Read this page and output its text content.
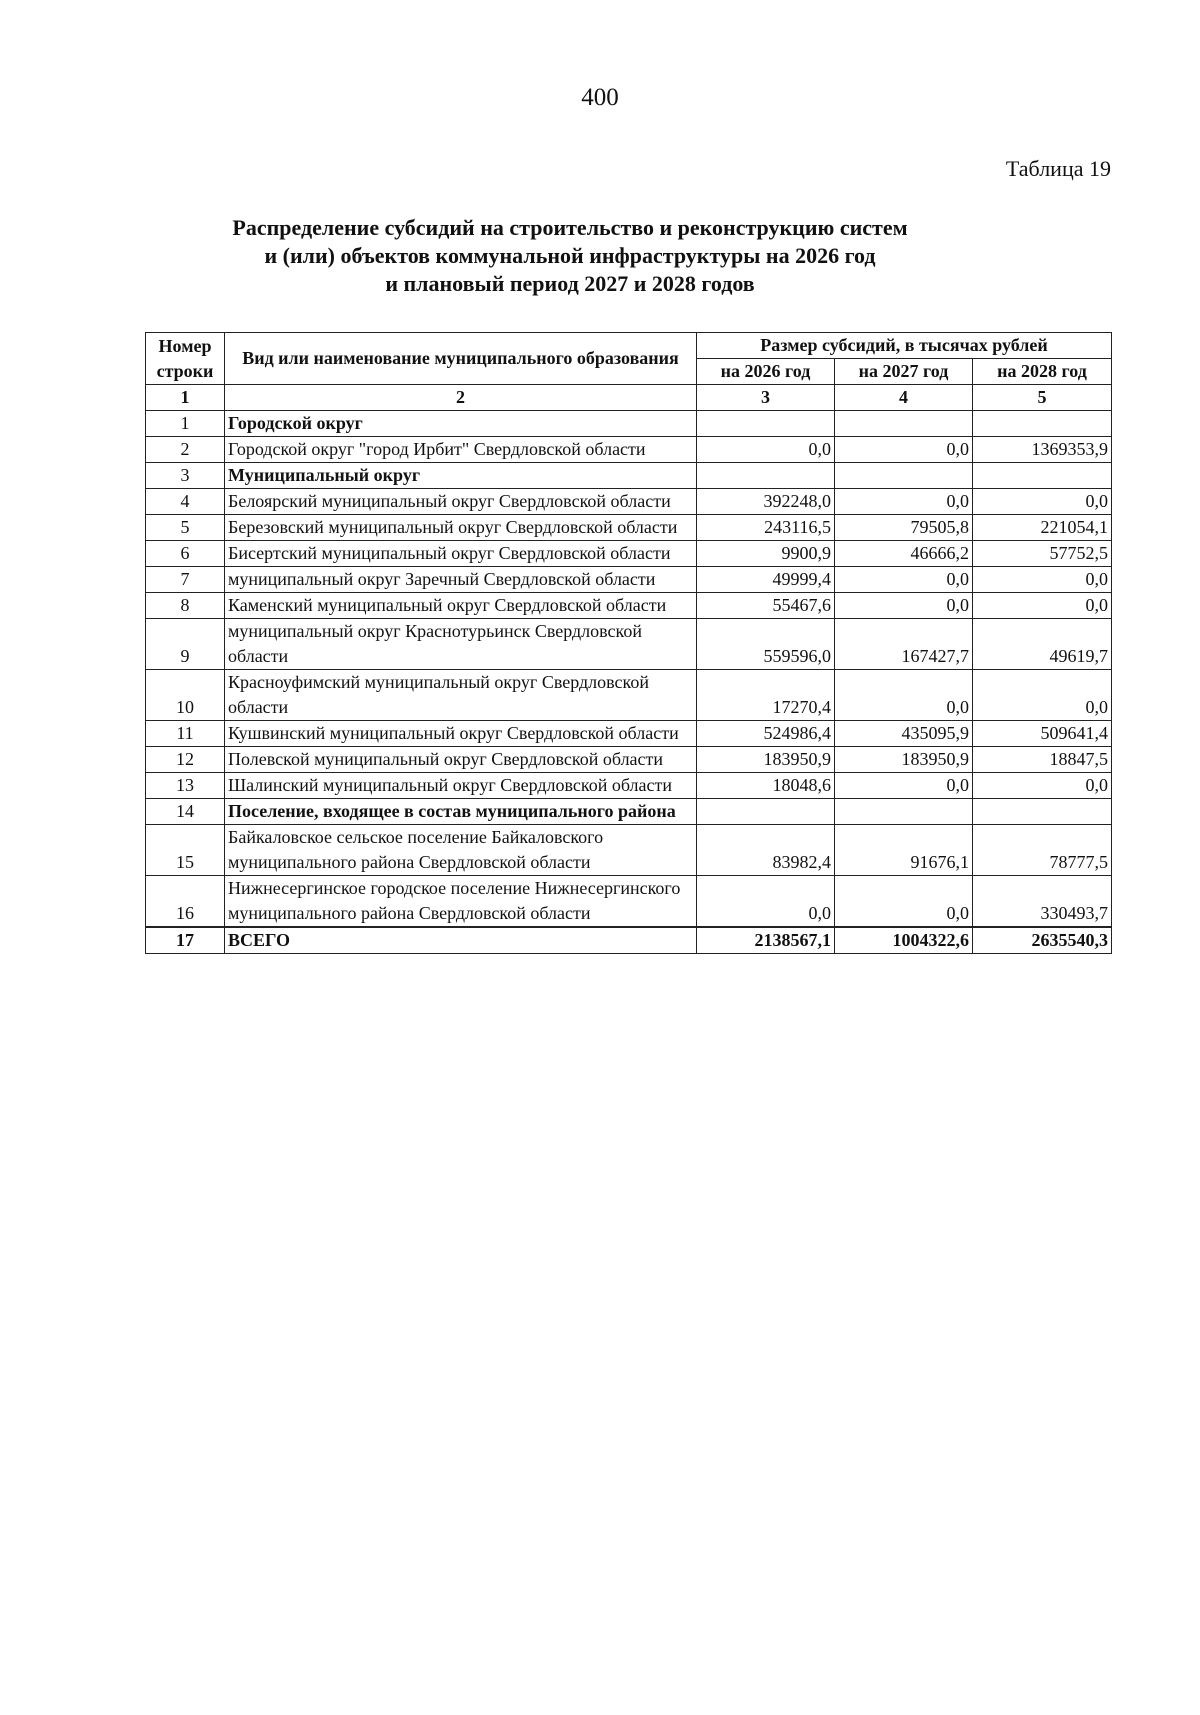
400
Таблица 19
Распределение субсидий на строительство и реконструкцию систем
и (или) объектов коммунальной инфраструктуры на 2026 год
и плановый период 2027 и 2028 годов
Номер строки	Вид или наименование муниципального образования	Размер субсидий, в тысячах рублей		
		на 2026 год	на 2027 год	на 2028 год
1	2	3	4	5
1	Городской округ			
2	Городской округ "город Ирбит" Свердловской области	0,0	0,0	1369353,9
3	Муниципальный округ			
4	Белоярский муниципальный округ Свердловской области	392248,0	0,0	0,0
5	Березовский муниципальный округ Свердловской области	243116,5	79505,8	221054,1
6	Бисертский муниципальный округ Свердловской области	9900,9	46666,2	57752,5
7	муниципальный округ Заречный Свердловской области	49999,4	0,0	0,0
8	Каменский муниципальный округ Свердловской области	55467,6	0,0	0,0
9	муниципальный округ Краснотурьинск Свердловской области	559596,0	167427,7	49619,7
10	Красноуфимский муниципальный округ Свердловской области	17270,4	0,0	0,0
11	Кушвинский муниципальный округ Свердловской области	524986,4	435095,9	509641,4
12	Полевской муниципальный округ Свердловской области	183950,9	183950,9	18847,5
13	Шалинский муниципальный округ Свердловской области	18048,6	0,0	0,0
14	Поселение, входящее в состав муниципального района			
15	Байкаловское сельское поселение Байкаловского муниципального района Свердловской области	83982,4	91676,1	78777,5
16	Нижнесергинское городское поселение Нижнесергинского муниципального района Свердловской области	0,0	0,0	330493,7
17	ВСЕГО	2138567,1	1004322,6	2635540,3
